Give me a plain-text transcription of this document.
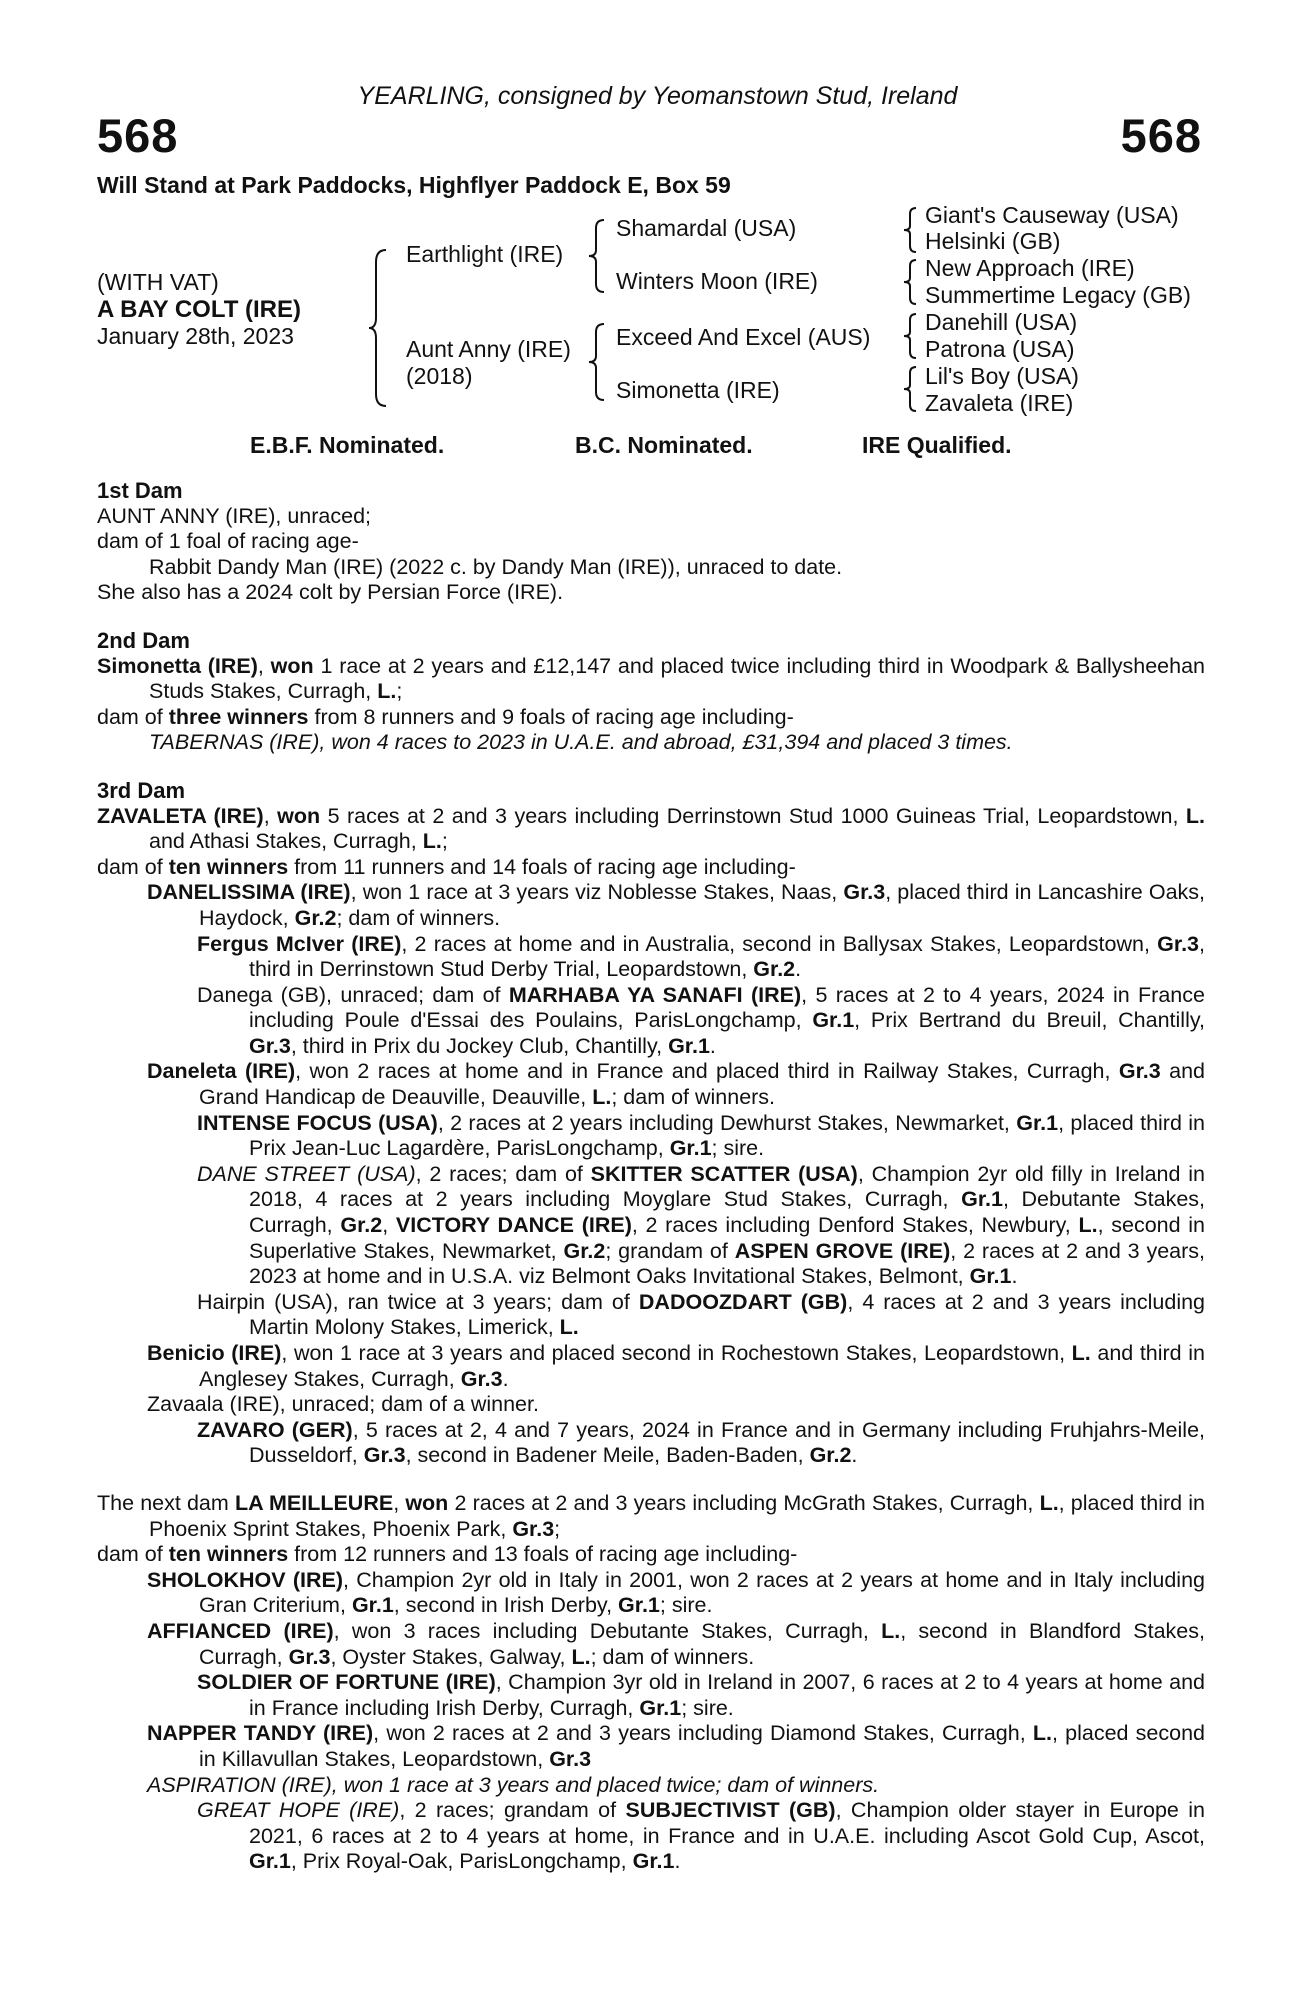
YEARLING, consigned by Yeomanstown Stud, Ireland
568	568
Will Stand at Park Paddocks, Highflyer Paddock E, Box 59
(WITH VAT)
A BAY COLT (IRE)
January 28th, 2023
Earthlight (IRE)
Aunt Anny (IRE)
(2018)
Shamardal (USA)
Winters Moon (IRE)
Exceed And Excel (AUS)
Simonetta (IRE)
Giant's Causeway (USA)
Helsinki (GB)
New Approach (IRE)
Summertime Legacy (GB)
Danehill (USA)
Patrona (USA)
Lil's Boy (USA)
Zavaleta (IRE)
E.B.F. Nominated.	B.C. Nominated.	IRE Qualified.

1st Dam

AUNT ANNY (IRE), unraced;

dam of 1 foal of racing age-

Rabbit Dandy Man (IRE) (2022 c. by Dandy Man (IRE)), unraced to date.

She also has a 2024 colt by Persian Force (IRE).

2nd Dam

Simonetta (IRE), won 1 race at 2 years and £12,147 and placed twice including third in Woodpark & Ballysheehan Studs Stakes, Curragh, L.;

dam of three winners from 8 runners and 9 foals of racing age including-

TABERNAS (IRE), won 4 races to 2023 in U.A.E. and abroad, £31,394 and placed 3 times.

3rd Dam

ZAVALETA (IRE), won 5 races at 2 and 3 years including Derrinstown Stud 1000 Guineas Trial, Leopardstown, L. and Athasi Stakes, Curragh, L.;

dam of ten winners from 11 runners and 14 foals of racing age including-

DANELISSIMA (IRE), won 1 race at 3 years viz Noblesse Stakes, Naas, Gr.3, placed third in Lancashire Oaks, Haydock, Gr.2; dam of winners.

Fergus McIver (IRE), 2 races at home and in Australia, second in Ballysax Stakes, Leopardstown, Gr.3, third in Derrinstown Stud Derby Trial, Leopardstown, Gr.2.

Danega (GB), unraced; dam of MARHABA YA SANAFI (IRE), 5 races at 2 to 4 years, 2024 in France including Poule d'Essai des Poulains, ParisLongchamp, Gr.1, Prix Bertrand du Breuil, Chantilly, Gr.3, third in Prix du Jockey Club, Chantilly, Gr.1.

Daneleta (IRE), won 2 races at home and in France and placed third in Railway Stakes, Curragh, Gr.3 and Grand Handicap de Deauville, Deauville, L.; dam of winners.

INTENSE FOCUS (USA), 2 races at 2 years including Dewhurst Stakes, Newmarket, Gr.1, placed third in Prix Jean-Luc Lagardère, ParisLongchamp, Gr.1; sire.

DANE STREET (USA), 2 races; dam of SKITTER SCATTER (USA), Champion 2yr old filly in Ireland in 2018, 4 races at 2 years including Moyglare Stud Stakes, Curragh, Gr.1, Debutante Stakes, Curragh, Gr.2, VICTORY DANCE (IRE), 2 races including Denford Stakes, Newbury, L., second in Superlative Stakes, Newmarket, Gr.2; grandam of ASPEN GROVE (IRE), 2 races at 2 and 3 years, 2023 at home and in U.S.A. viz Belmont Oaks Invitational Stakes, Belmont, Gr.1.

Hairpin (USA), ran twice at 3 years; dam of DADOOZDART (GB), 4 races at 2 and 3 years including Martin Molony Stakes, Limerick, L.

Benicio (IRE), won 1 race at 3 years and placed second in Rochestown Stakes, Leopardstown, L. and third in Anglesey Stakes, Curragh, Gr.3.

Zavaala (IRE), unraced; dam of a winner.

ZAVARO (GER), 5 races at 2, 4 and 7 years, 2024 in France and in Germany including Fruhjahrs-Meile, Dusseldorf, Gr.3, second in Badener Meile, Baden-Baden, Gr.2.

The next dam LA MEILLEURE, won 2 races at 2 and 3 years including McGrath Stakes, Curragh, L., placed third in Phoenix Sprint Stakes, Phoenix Park, Gr.3;

dam of ten winners from 12 runners and 13 foals of racing age including-

SHOLOKHOV (IRE), Champion 2yr old in Italy in 2001, won 2 races at 2 years at home and in Italy including Gran Criterium, Gr.1, second in Irish Derby, Gr.1; sire.

AFFIANCED (IRE), won 3 races including Debutante Stakes, Curragh, L., second in Blandford Stakes, Curragh, Gr.3, Oyster Stakes, Galway, L.; dam of winners.

SOLDIER OF FORTUNE (IRE), Champion 3yr old in Ireland in 2007, 6 races at 2 to 4 years at home and in France including Irish Derby, Curragh, Gr.1; sire.

NAPPER TANDY (IRE), won 2 races at 2 and 3 years including Diamond Stakes, Curragh, L., placed second in Killavullan Stakes, Leopardstown, Gr.3

ASPIRATION (IRE), won 1 race at 3 years and placed twice; dam of winners.

GREAT HOPE (IRE), 2 races; grandam of SUBJECTIVIST (GB), Champion older stayer in Europe in 2021, 6 races at 2 to 4 years at home, in France and in U.A.E. including Ascot Gold Cup, Ascot, Gr.1, Prix Royal-Oak, ParisLongchamp, Gr.1.
